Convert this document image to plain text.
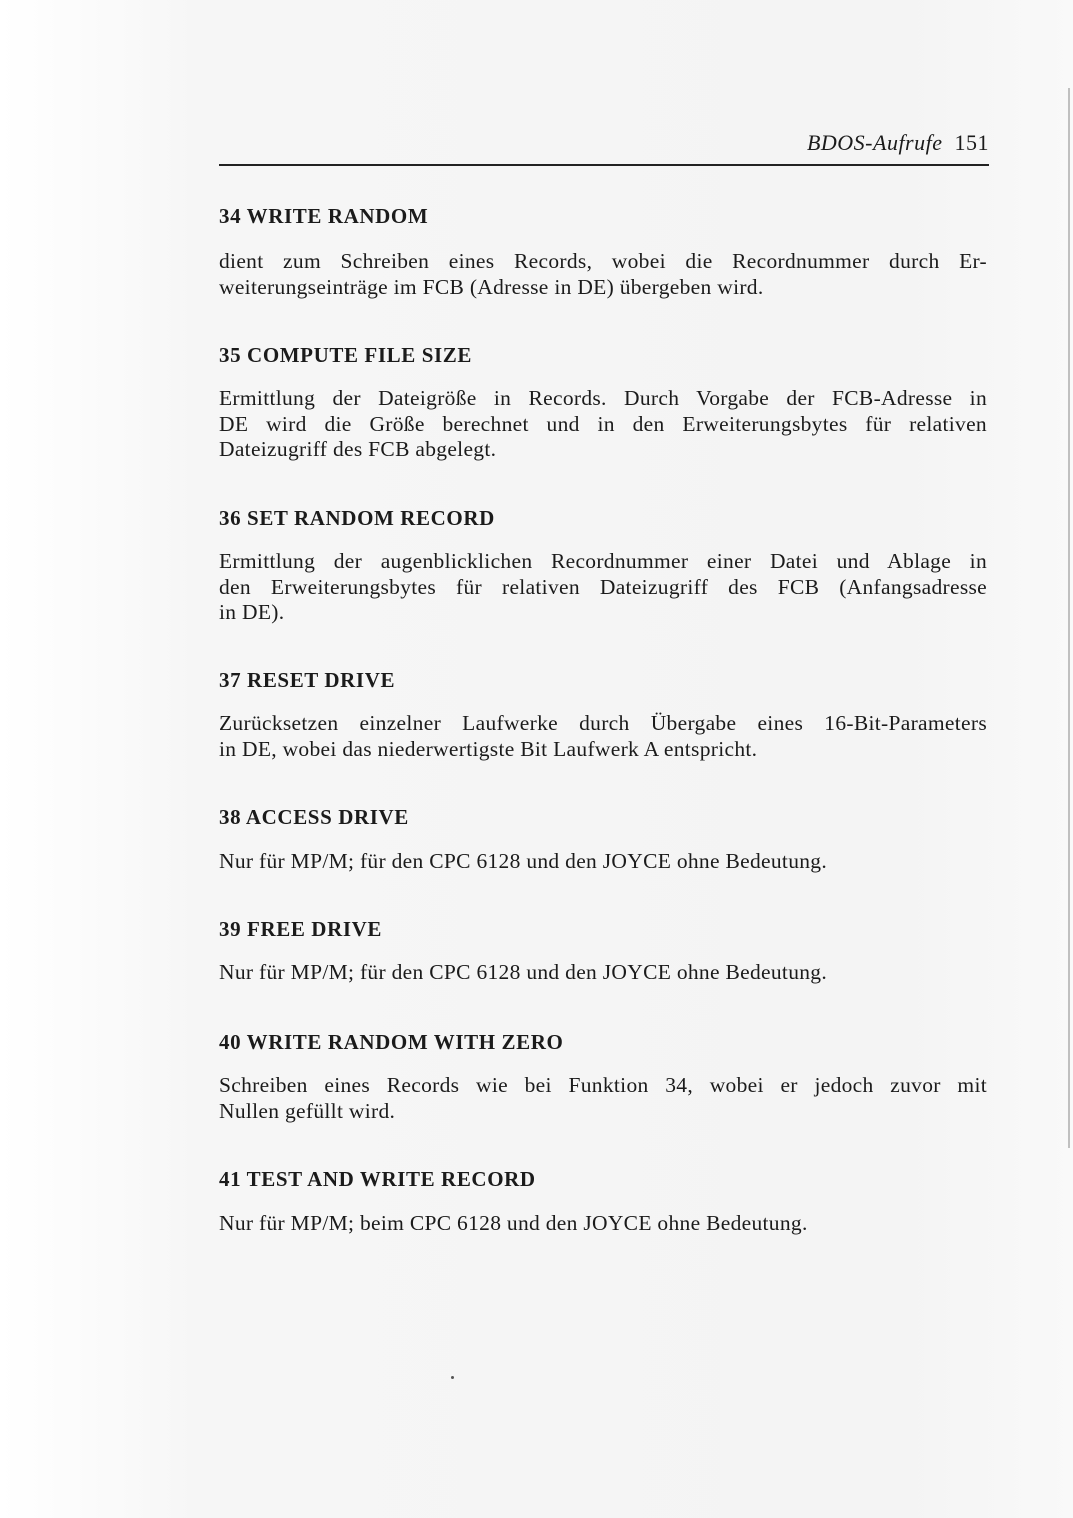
BDOS-Aufrufe 151
34 WRITE RANDOM
dient zum Schreiben eines Records, wobei die Recordnummer durch Er-
weiterungseinträge im FCB (Adresse in DE) übergeben wird.
35 COMPUTE FILE SIZE
Ermittlung der Dateigröße in Records. Durch Vorgabe der FCB-Adresse in
DE wird die Größe berechnet und in den Erweiterungsbytes für relativen
Dateizugriff des FCB abgelegt.
36 SET RANDOM RECORD
Ermittlung der augenblicklichen Recordnummer einer Datei und Ablage in
den Erweiterungsbytes für relativen Dateizugriff des FCB (Anfangsadresse
in DE).
37 RESET DRIVE
Zurücksetzen einzelner Laufwerke durch Übergabe eines 16-Bit-Parameters
in DE, wobei das niederwertigste Bit Laufwerk A entspricht.
38 ACCESS DRIVE
Nur für MP/M; für den CPC 6128 und den JOYCE ohne Bedeutung.
39 FREE DRIVE
Nur für MP/M; für den CPC 6128 und den JOYCE ohne Bedeutung.
40 WRITE RANDOM WITH ZERO
Schreiben eines Records wie bei Funktion 34, wobei er jedoch zuvor mit
Nullen gefüllt wird.
41 TEST AND WRITE RECORD
Nur für MP/M; beim CPC 6128 und den JOYCE ohne Bedeutung.
